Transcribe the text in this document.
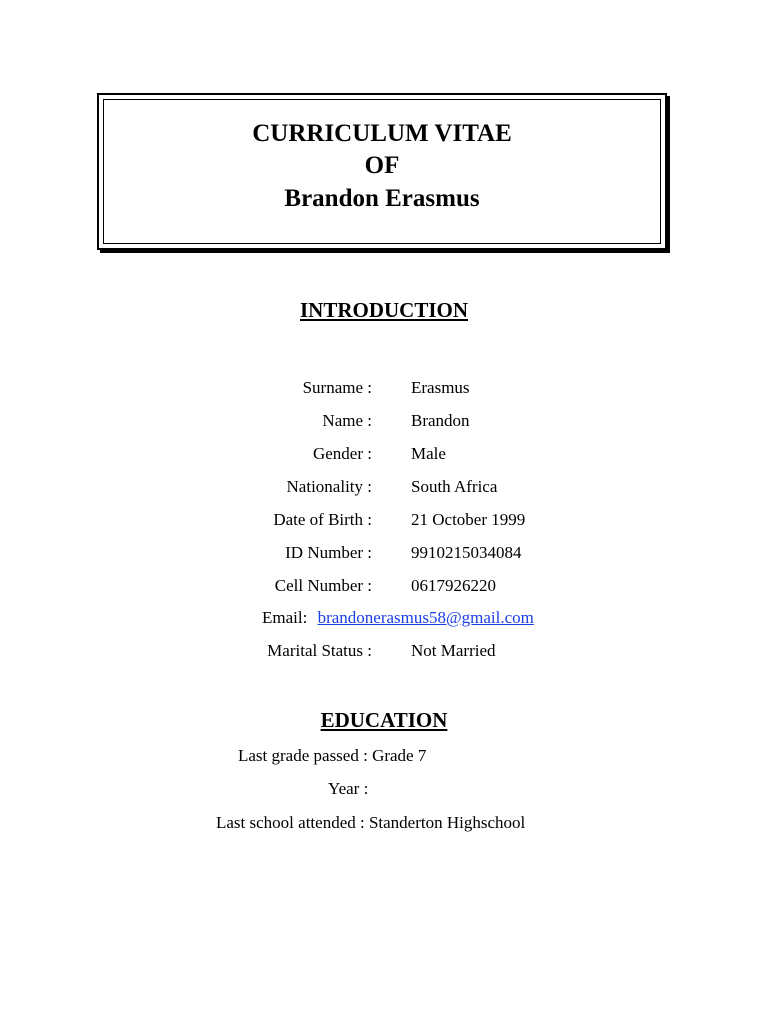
CURRICULUM VITAE
OF
Brandon Erasmus
INTRODUCTION
Surname : Erasmus
Name : Brandon
Gender : Male
Nationality : South Africa
Date of Birth : 21 October 1999
ID Number : 9910215034084
Cell Number : 0617926220
Email: brandonerasmus58@gmail.com
Marital Status : Not Married
EDUCATION
Last grade passed : Grade 7
Year :
Last school attended : Standerton Highschool
